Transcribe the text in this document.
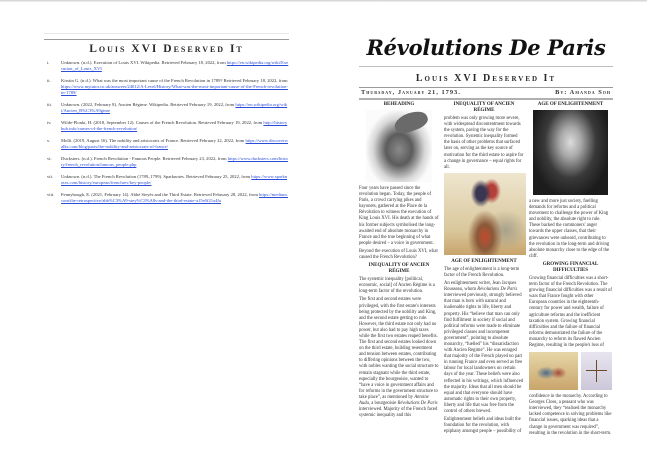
Louis XVI Deserved It
i.	Unknown. (n.d.). Execution of Louis XVI. Wikipedia. Retrieved February 18, 2022, from https://en.wikipedia.org/wiki/Execution_of_Louis_XVI
ii.	Kirstin G. (n.d.). What was the most important cause of the French Revolution in 1789? Retrieved February 18, 2022, from https://www.mytutor.co.uk/answers/24012/A-Level/History/What-was-the-most-important-cause-of-the-French-revolution-in-1789/
iii.	Unknown. (2022, February 8). Ancien Régime. Wikipedia. Retrieved February 19, 2022, from https://en.wikipedia.org/wiki/Ancien_R%C3%A9gime
iv.	Wilde-Plonki, H. (2018, September 12). Causes of the French Revolution. Retrieved February 19, 2022, from http://historyhub.info/causes-of-the-french-revolution/
v.	Molli. (2019, August 16). The nobility and aristocrats of France. Retrieved February 22, 2022, from https://www.discoverwalks.com/blog/paris/the-nobility-and-aristocrats-of-france/
vi.	Ducksters. (n.d.). French Revolution - Famous People. Retrieved February 23, 2022, from https://www.ducksters.com/history/french_revolution/famous_people.php
vii.	Unknown. (n.d.). The French Revolution (1789–1799). Sparknotes. Retrieved February 25, 2022, from https://www.sparknotes.com/history/european/frenchrev/key-people/
viii.	Fennyhough, E. (2021, February 14). Abbé Sieyès and the Third Estate. Retrieved February 28, 2022, from https://medium.com/the-retrospective/abb%C3%A9-siey%C3%A8s-and-the-third-estate-a15e0f21a4fa
Révolutions De Paris
Louis XVI Deserved It
Thursday, January 21, 1793.	By: Amanda Soh
BEHEADING

Four years have passed since the revolution began. Today, the people of Paris, a crowd carrying pikes and bayonets, gathered at the Place de la Révolution to witness the execution of King Louis XVI. His death at the hands of his former subjects symbolised the long-awaited end of absolute monarchy in France and the true beginning of what people desired – a voice in government.

Beyond the execution of Louis XVI, what caused the French Revolution?

INEQUALITY OF ANCIEN RÉGIME

The systemic inequality [political, economic, social] of Ancien Régime is a long-term factor of the revolution.

The first and second estates were privileged, with the first estate's interests being protected by the nobility and King, and the second estate getting to rule. However, the third estate not only had no power, but also had to pay high taxes while the first two estates reaped benefits. The first and second estates looked down on the third estate, building resentment and tension between estates, contributing to differing opinions between the two, with nobles wanting the social structure to remain stagnant while the third estate, especially the bourgeoisie, wanted to “have a voice in government affairs and for reforms in the government structure to take place”, as mentioned by Antoine Audu, a bourgeoisie Révolutions De Paris interviewed. Majority of the French faced systemic inequality and this

INEQUALITY OF ANCIEN RÉGIME

problem was only growing more severe, with widespread discontentment towards the system, paving the way for the revolution. Systemic inequality formed the basis of other problems that surfaced later on, serving as the key source of motivation for the third estate to aspire for a change in governance – equal rights for all.

AGE OF ENLIGHTENMENT

The age of enlightenment is a long-term factor of the French Revolution.

An enlightenment writer, Jean Jacques Rousseau, whom Révolutions De Paris interviewed previously, strongly believed that man is born with natural and inalienable rights to life, liberty and property. His “believe that man can only find fulfilment in society if social and political reforms were made to eliminate privileged classes and incompetent government”, pointing to absolute monarchy, “fuelled” his “dissatisfaction with Ancien Regime”. He was enraged that majority of the French played no part in running France and even served as free labour for local landowners on certain days of the year. These beliefs were also reflected in his writings, which influenced the majority. Ideas that all men should be equal and that everyone should have automatic rights to their own property, liberty and life that was free from the control of others brewed.

Enlightenment beliefs and ideas built the foundation for the revolution, with epiphany amongst people – possibility of

AGE OF ENLIGHTENMENT

a new and more just society, fuelling demands for reforms and a political movement to challenge the power of King and nobility, the absolute right to rule. These backed the commoners' anger towards the upper classes, that their grievances were unheard, contributing to the revolution in the long-term and driving absolute monarchy close to the edge of the cliff.

GROWING FINANCIAL DIFFICULTIES

Growing financial difficulties was a short-term factor of the French Revolution. The growing financial difficulties was a result of wars that France fought with other European countries in the eighteenth-century for power and wealth, failure of agriculture reforms and the inefficient taxation system. Growing financial difficulties and the failure of financial reforms demonstrated the failure of the monarchy to reform its flawed Ancien Regime, resulting in the people's loss of

confidence in the monarchy. According to Georges Cloes, a peasant who was interviewed, they “realised the monarchy lacked competence in solving problems like financial issues, sparking ideas that a change in government was required”, resulting in the revolution in the short-term.
